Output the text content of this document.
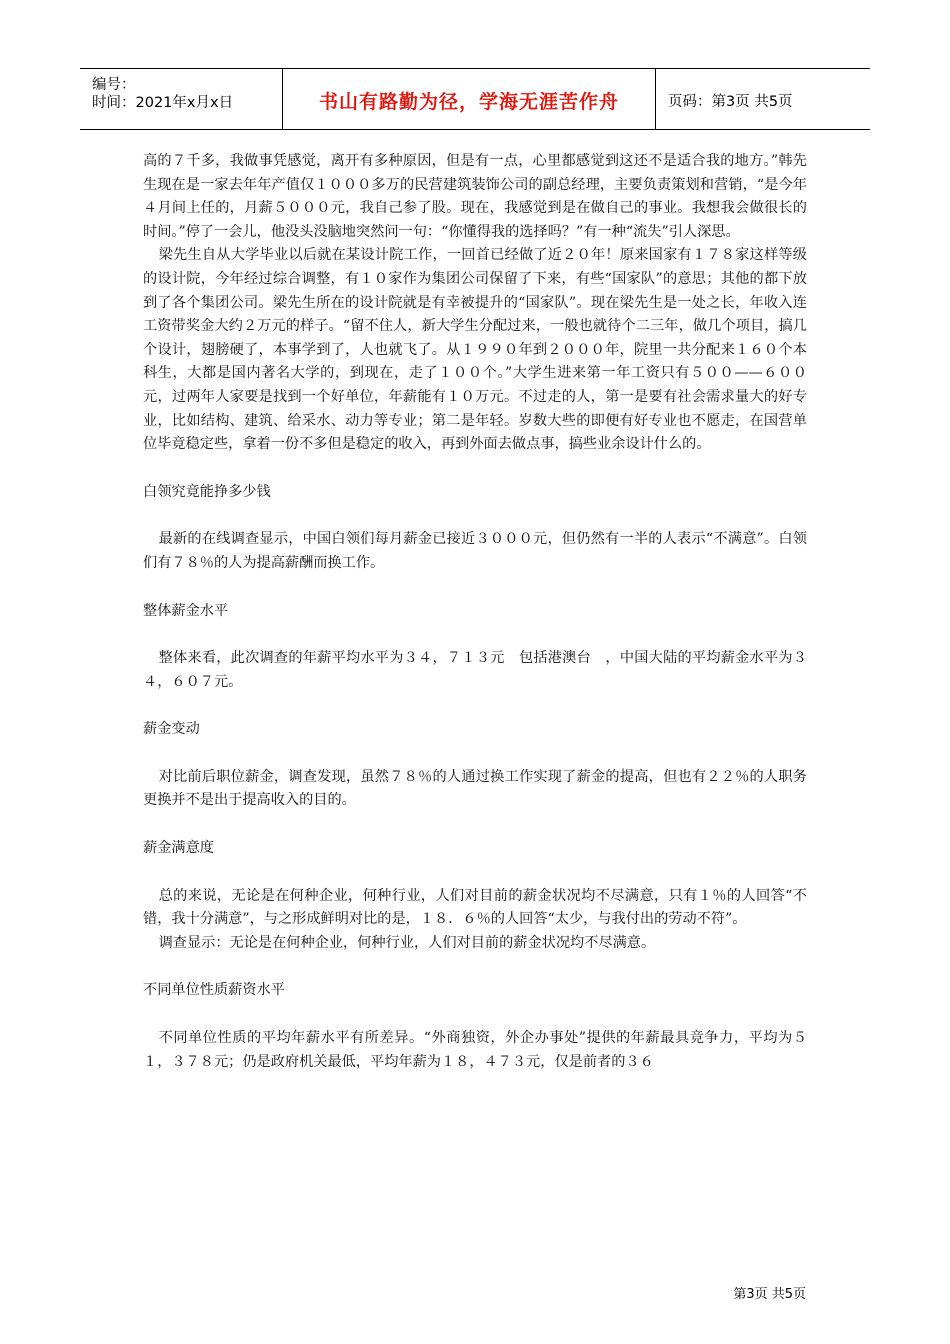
编号：
时间：2021年x月x日	书山有路勤为径，学海无涯苦作舟	页码：第3页 共5页

高的７千多，我做事凭感觉，离开有多种原因，但是有一点，心里都感觉到这还不是适合我的地方。”韩先生现在是一家去年年产值仅１０００多万的民营建筑装饰公司的副总经理，主要负责策划和营销，“是今年４月间上任的，月薪５０００元，我自己参了股。现在，我感觉到是在做自己的事业。我想我会做很长的时间。”停了一会儿，他没头没脑地突然问一句：“你懂得我的选择吗？”有一种“流失”引人深思。

梁先生自从大学毕业以后就在某设计院工作，一回首已经做了近２０年！原来国家有１７８家这样等级的设计院，今年经过综合调整，有１０家作为集团公司保留了下来，有些“国家队”的意思；其他的都下放到了各个集团公司。梁先生所在的设计院就是有幸被提升的“国家队”。现在梁先生是一处之长，年收入连工资带奖金大约２万元的样子。“留不住人，新大学生分配过来，一般也就待个二三年，做几个项目，搞几个设计，翅膀硬了，本事学到了，人也就飞了。从１９９０年到２０００年，院里一共分配来１６０个本科生，大都是国内著名大学的，到现在，走了１００个。”大学生进来第一年工资只有５００——６００元，过两年人家要是找到一个好单位，年薪能有１０万元。不过走的人，第一是要有社会需求量大的好专业，比如结构、建筑、给采水、动力等专业；第二是年轻。岁数大些的即便有好专业也不愿走，在国营单位毕竟稳定些，拿着一份不多但是稳定的收入，再到外面去做点事，搞些业余设计什么的。

白领究竟能挣多少钱

最新的在线调查显示，中国白领们每月薪金已接近３０００元，但仍然有一半的人表示“不满意”。白领们有７８％的人为提高薪酬而换工作。

整体薪金水平

整体来看，此次调查的年薪平均水平为３４，７１３元　包括港澳台　，中国大陆的平均薪金水平为３４，６０７元。

薪金变动

对比前后职位薪金，调查发现，虽然７８％的人通过换工作实现了薪金的提高，但也有２２％的人职务更换并不是出于提高收入的目的。

薪金满意度

总的来说，无论是在何种企业，何种行业，人们对目前的薪金状况均不尽满意，只有１％的人回答“不错，我十分满意”，与之形成鲜明对比的是，１８．６％的人回答“太少，与我付出的劳动不符”。

调查显示：无论是在何种企业，何种行业，人们对目前的薪金状况均不尽满意。

不同单位性质薪资水平

不同单位性质的平均年薪水平有所差异。“外商独资，外企办事处”提供的年薪最具竞争力，平均为５１，３７８元；仍是政府机关最低，平均年薪为１８，４７３元，仅是前者的３６

第3页 共5页
